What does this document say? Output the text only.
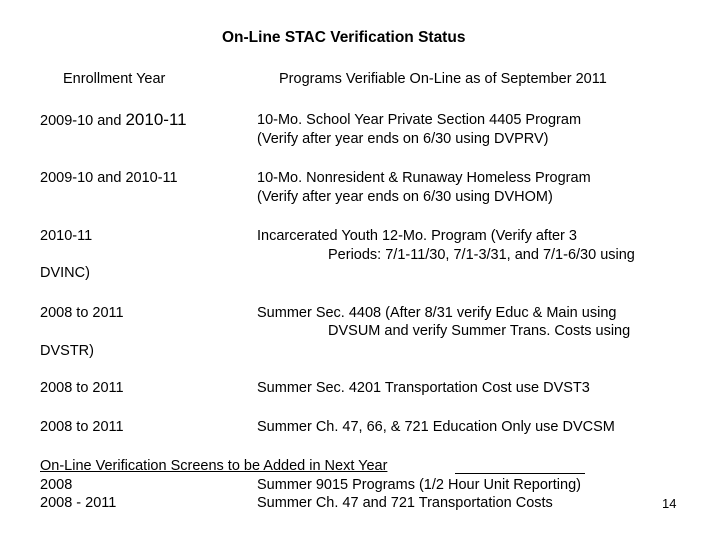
On-Line STAC Verification Status
Enrollment Year	Programs Verifiable On-Line as of September 2011
2009-10 and 2010-11	10-Mo. School Year Private Section 4405 Program
(Verify after year ends on 6/30 using DVPRV)
2009-10 and 2010-11	10-Mo. Nonresident & Runaway Homeless Program
(Verify after year ends on 6/30 using DVHOM)
2010-11	Incarcerated Youth 12-Mo. Program (Verify after 3
Periods: 7/1-11/30, 7/1-3/31, and 7/1-6/30 using
DVINC)
2008 to 2011	Summer Sec. 4408 (After 8/31 verify Educ & Main using
DVSUM and verify Summer Trans. Costs using
DVSTR)
2008 to 2011	Summer Sec. 4201 Transportation Cost use DVST3
2008 to 2011	Summer Ch. 47, 66, & 721 Education Only use DVCSM
On-Line Verification Screens to be Added in Next Year
2008	Summer 9015 Programs (1/2 Hour Unit Reporting)
2008 - 2011	Summer Ch. 47 and 721 Transportation Costs	14
